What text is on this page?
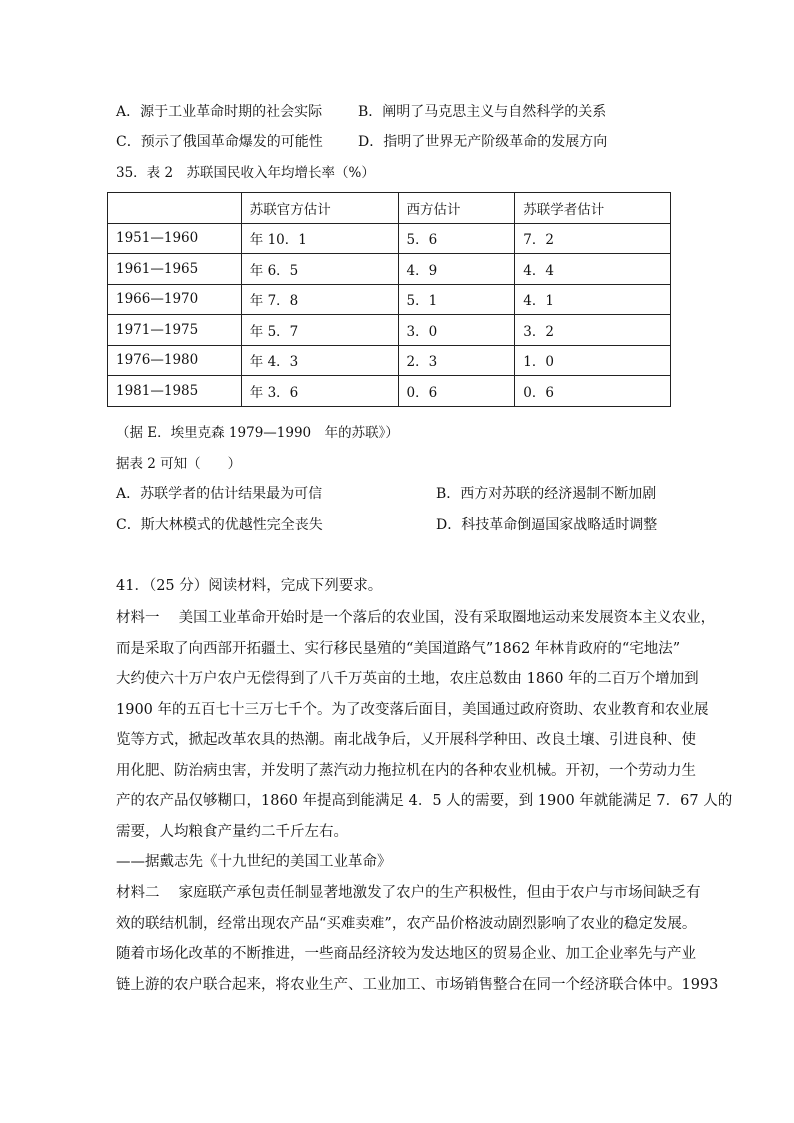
A．源于工业革命时期的社会实际	B．阐明了马克思主义与自然科学的关系
C．预示了俄国革命爆发的可能性	D．指明了世界无产阶级革命的发展方向
35．表 2　苏联国民收入年均增长率（%）
	苏联官方估计	西方估计	苏联学者估计
1951—1960	年 10．1	5．6	7．2
1961—1965	年 6．5	4．9	4．4
1966—1970	年 7．8	5．1	4．1
1971—1975	年 5．7	3．0	3．2
1976—1980	年 4．3	2．3	1．0
1981—1985	年 3．6	0．6	0．6
（据 E．埃里克森 1979—1990　年的苏联》）
据表 2 可知（　　）
A．苏联学者的估计结果最为可信	B．西方对苏联的经济遏制不断加剧
C．斯大林模式的优越性完全丧失	D．科技革命倒逼国家战略适时调整
41．（25 分）阅读材料，完成下列要求。
材料一　 美国工业革命开始时是一个落后的农业国，没有采取圈地运动来发展资本主义农业，
而是采取了向西部开拓疆土、实行移民垦殖的“美国道路气”1862 年林肯政府的“宅地法”
大约使六十万户农户无偿得到了八千万英亩的土地，农庄总数由 1860 年的二百万个增加到
1900 年的五百七十三万七千个。为了改变落后面目，美国通过政府资助、农业教育和农业展
览等方式，掀起改革农具的热潮。南北战争后，乂开展科学种田、改良土壤、引进良种、使
用化肥、防治病虫害，并发明了蒸汽动力拖拉机在内的各种农业机械。开初，一个劳动力生
产的农产品仅够糊口，1860 年提高到能满足 4．5 人的需要，到 1900 年就能满足 7．67 人的
需要，人均粮食产量约二千斤左右。
——据戴志先《十九世纪的美国工业革命》
材料二　 家庭联产承包责任制显著地激发了农户的生产积极性，但由于农户与市场间缺乏有
效的联结机制，经常出现农产品“买难卖难”，农产品价格波动剧烈影响了农业的稳定发展。
随着市场化改革的不断推进，一些商品经济较为发达地区的贸易企业、加工企业率先与产业
链上游的农户联合起来，将农业生产、工业加工、市场销售整合在同一个经济联合体中。1993
